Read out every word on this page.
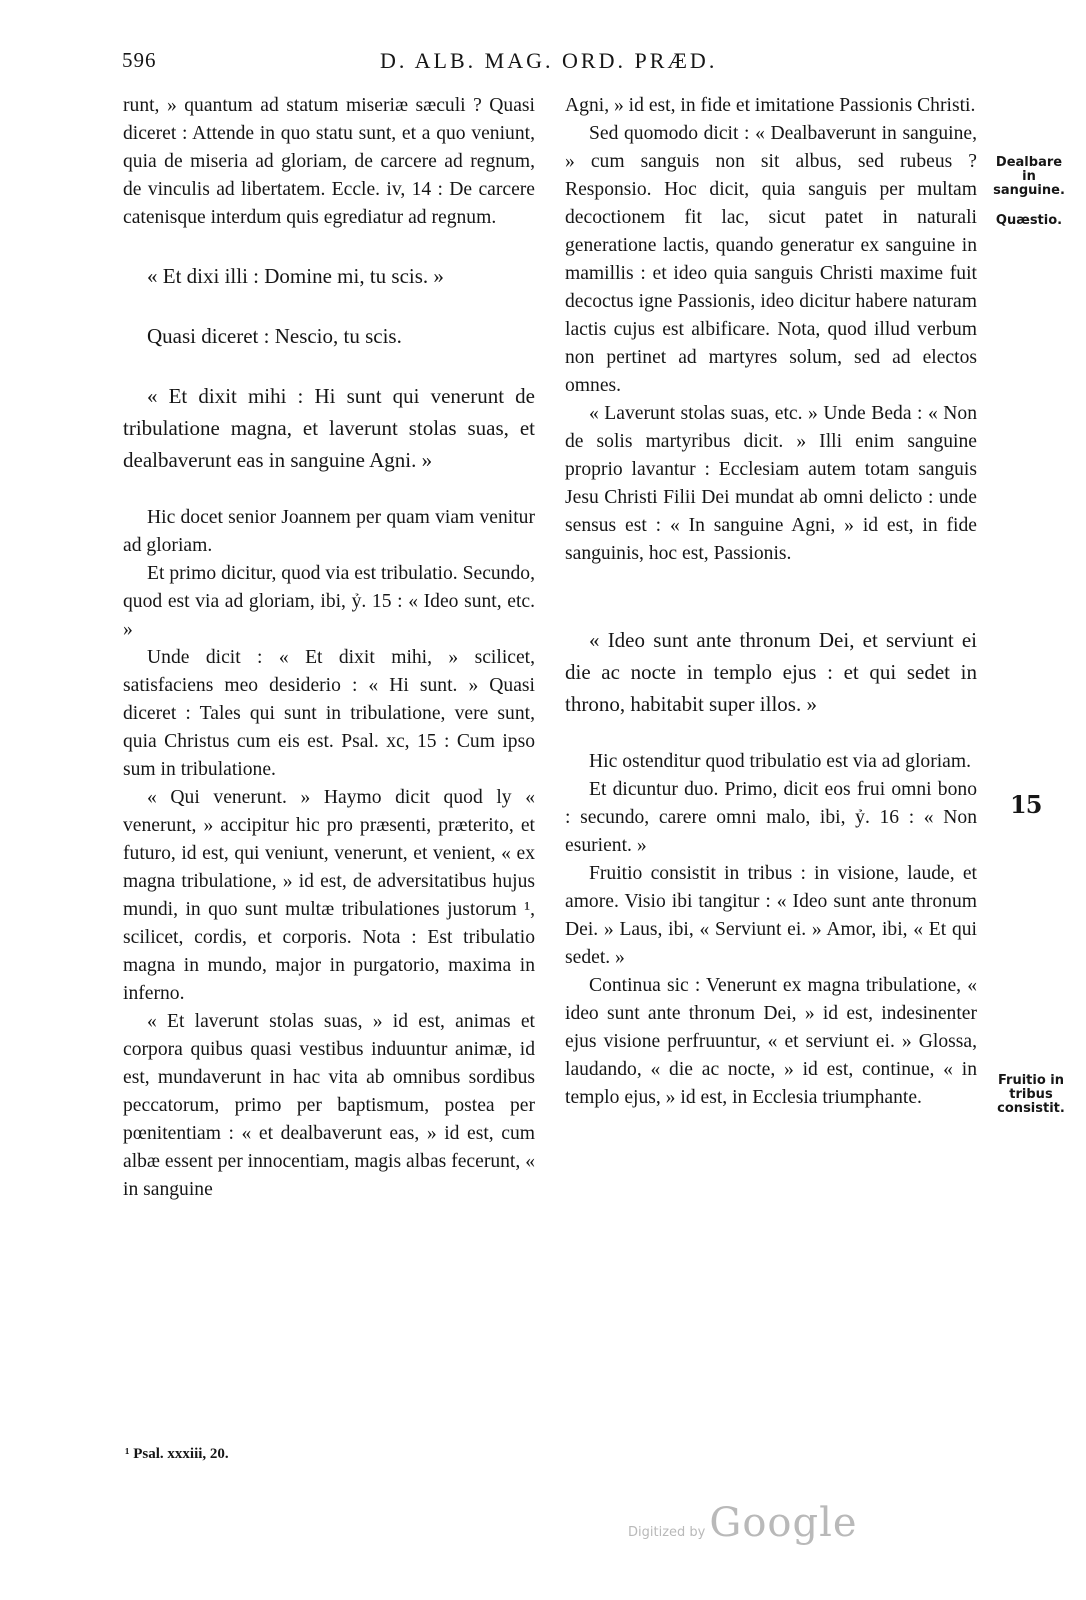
596	D. ALB. MAG. ORD. PRÆD.

runt, » quantum ad statum miseriæ sæculi ? Quasi diceret : Attende in quo statu sunt, et a quo veniunt, quia de miseria ad gloriam, de carcere ad regnum, de vinculis ad libertatem. Eccle. iv, 14 : De carcere catenisque interdum quis egrediatur ad regnum.

« Et dixi illi : Domine mi, tu scis. »

Quasi diceret : Nescio, tu scis.

« Et dixit mihi : Hi sunt qui venerunt de tribulatione magna, et laverunt stolas suas, et dealbaverunt eas in sanguine Agni. »

Hic docet senior Joannem per quam viam venitur ad gloriam.

Et primo dicitur, quod via est tribulatio. Secundo, quod est via ad gloriam, ibi, ỷ. 15 : « Ideo sunt, etc. »

Unde dicit : « Et dixit mihi, » scilicet, satisfaciens meo desiderio : « Hi sunt. » Quasi diceret : Tales qui sunt in tribulatione, vere sunt, quia Christus cum eis est. Psal. xc, 15 : Cum ipso sum in tribulatione.

« Qui venerunt. » Haymo dicit quod ly « venerunt, » accipitur hic pro præsenti, præterito, et futuro, id est, qui veniunt, venerunt, et venient, « ex magna tribulatione, » id est, de adversitatibus hujus mundi, in quo sunt multæ tribulationes justorum ¹, scilicet, cordis, et corporis. Nota : Est tribulatio magna in mundo, major in purgatorio, maxima in inferno.

« Et laverunt stolas suas, » id est, animas et corpora quibus quasi vestibus induuntur animæ, id est, mundaverunt in hac vita ab omnibus sordibus peccatorum, primo per baptismum, postea per pœnitentiam : « et dealbaverunt eas, » id est, cum albæ essent per innocentiam, magis albas fecerunt, « in sanguine

Agni, » id est, in fide et imitatione Passionis Christi.

Sed quomodo dicit : « Dealbaverunt in sanguine, » cum sanguis non sit albus, sed rubeus ? Responsio. Hoc dicit, quia sanguis per multam decoctionem fit lac, sicut patet in naturali generatione lactis, quando generatur ex sanguine in mamillis : et ideo quia sanguis Christi maxime fuit decoctus igne Passionis, ideo dicitur habere naturam lactis cujus est albificare. Nota, quod illud verbum non pertinet ad martyres solum, sed ad electos omnes.

« Laverunt stolas suas, etc. » Unde Beda : « Non de solis martyribus dicit. » Illi enim sanguine proprio lavantur : Ecclesiam autem totam sanguis Jesu Christi Filii Dei mundat ab omni delicto : unde sensus est : « In sanguine Agni, » id est, in fide sanguinis, hoc est, Passionis.

« Ideo sunt ante thronum Dei, et serviunt ei die ac nocte in templo ejus : et qui sedet in throno, habitabit super illos. »

Hic ostenditur quod tribulatio est via ad gloriam.

Et dicuntur duo. Primo, dicit eos frui omni bono : secundo, carere omni malo, ibi, ỷ. 16 : « Non esurient. »

Fruitio consistit in tribus : in visione, laude, et amore. Visio ibi tangitur : « Ideo sunt ante thronum Dei. » Laus, ibi, « Serviunt ei. » Amor, ibi, « Et qui sedet. »

Continua sic : Venerunt ex magna tribulatione, « ideo sunt ante thronum Dei, » id est, indesinenter ejus visione perfruuntur, « et serviunt ei. » Glossa, laudando, « die ac nocte, » id est, continue, « in templo ejus, » id est, in Ecclesia triumphante.

Dealbare in sanguine.
Quæstio.
Fruitio in tribus consistit.
15
¹ Psal. xxxiii, 20.
Digitized by Google
